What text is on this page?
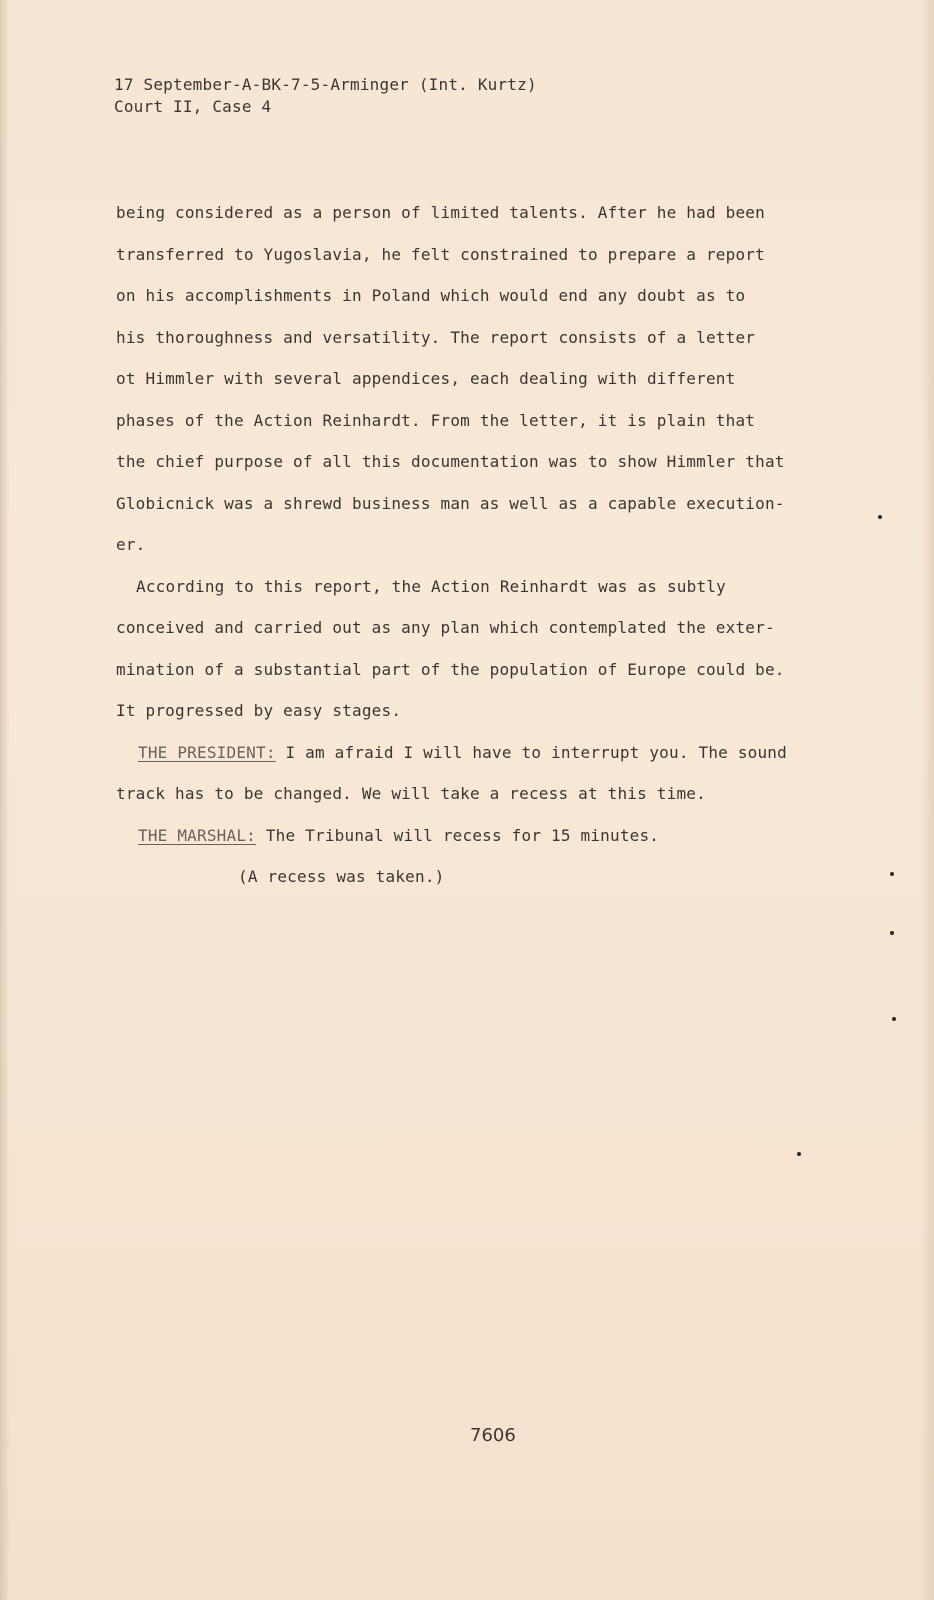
17 September-A-BK-7-5-Arminger (Int. Kurtz)
Court II, Case 4
being considered as a person of limited talents. After he had been
transferred to Yugoslavia, he felt constrained to prepare a report
on his accomplishments in Poland which would end any doubt as to
his thoroughness and versatility. The report consists of a letter
ot Himmler with several appendices, each dealing with different
phases of the Action Reinhardt. From the letter, it is plain that
the chief purpose of all this documentation was to show Himmler that
Globicnick was a shrewd business man as well as a capable execution-
er.
According to this report, the Action Reinhardt was as subtly
conceived and carried out as any plan which contemplated the exter-
mination of a substantial part of the population of Europe could be.
It progressed by easy stages.
THE PRESIDENT: I am afraid I will have to interrupt you. The sound
track has to be changed. We will take a recess at this time.
THE MARSHAL: The Tribunal will recess for 15 minutes.
(A recess was taken.)
7606
